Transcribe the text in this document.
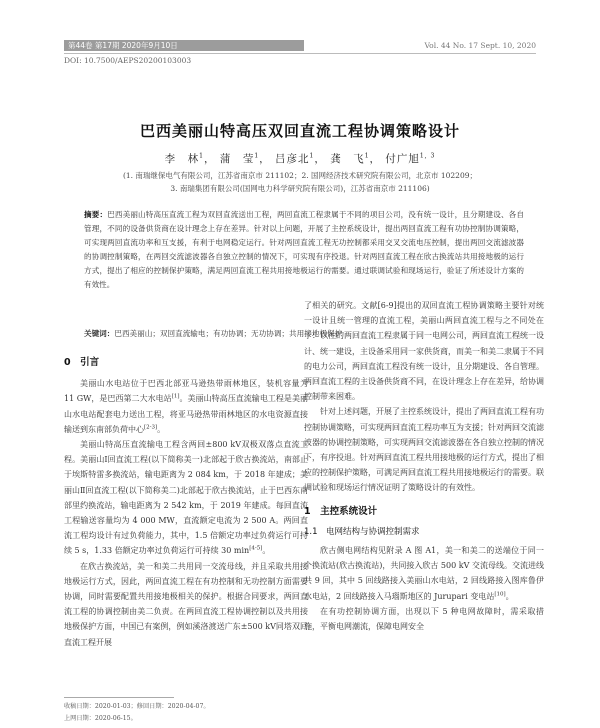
第44卷 第17期 2020年9月10日	Vol. 44 No. 17 Sept. 10, 2020
DOI: 10.7500/AEPS20200103003
巴西美丽山特高压双回直流工程协调策略设计
李　林$^1$， 蒲　莹$^1$， 吕彦北$^1$， 龚　飞$^1$， 付广旭$^{1, 3}$
(1. 南瑞继保电气有限公司，江苏省南京市 211102；2. 国网经济技术研究院有限公司，北京市 102209；
3. 南瑞集团有限公司(国网电力科学研究院有限公司)，江苏省南京市 211106)
摘要：巴西美丽山特高压直流工程为双回直流送出工程，两回直流工程隶属于不同的项目公司，没有统一设计，且分期建设、各自管理，不同的设备供货商在设计理念上存在差异。针对以上问题，开展了主控系统设计，提出两回直流工程有功协控制协调策略，可实现两回直流功率和互支援，有利于电网稳定运行。针对两回直流工程无功控制都采用交叉交流电压控制，提出两回交流滤波器的协调控制策略，在两回交流滤波器各自独立控制的情况下，可实现有序投退。针对两回直流工程在欣古换流站共用接地极的运行方式，提出了相应的控制保护策略，满足两回直流工程共用接地极运行的需要。通过联调试验和现场运行，验证了所述设计方案的有效性。
关键词：巴西美丽山；双回直流输电；有功协调；无功协调；共用接地极保护

0　引言

美丽山水电站位于巴西北部亚马逊热带雨林地区，装机容量为 11 GW，是巴西第二大水电站[1]。美丽山特高压直流输电工程是美丽山水电站配套电力送出工程，将亚马逊热带雨林地区的水电资源直接输送到东南部负荷中心[2-3]。

美丽山特高压直流输电工程含两回±800 kV双极双落点直流工程。美丽山Ⅰ回直流工程(以下简称美一)北部起于欣古换流站，南部止于埃斯特雷多换流站，输电距离为 2 084 km，于 2018 年建成；美丽山Ⅱ回直流工程(以下简称美二)北部起于欣古换流站，止于巴西东南部里约换流站，输电距离为 2 542 km，于 2019 年建成。每回直流工程输送容量均为 4 000 MW，直流额定电流为 2 500 A。两回直流工程均设计有过负荷能力，其中，1.5 倍额定功率过负荷运行可持续 5 s，1.33 倍额定功率过负荷运行可持续 30 min[4-5]。

在欣古换流站，美一和美二共用同一交流母线，并且采取共用接地极运行方式，因此，两回直流工程在有功控制和无功控制方面需要协调，同时需要配置共用接地极相关的保护。根据合同要求，两回直流工程的协调控制由美二负责。在两回直流工程协调控制以及共用接地极保护方面，中国已有案例，例如溪洛渡送广东±500 kV同塔双回直流工程开展

了相关的研究。文献[6-9]提出的双回直流工程协调策略主要针对统一设计且统一管理的直流工程，美丽山两回直流工程与之不同处在于：以往的两回直流工程隶属于同一电网公司，两回直流工程统一设计、统一建设，主设备采用同一家供货商，而美一和美二隶属于不同的电力公司，两回直流工程没有统一设计，且分期建设、各自管理。两回直流工程的主设备供货商不同，在设计理念上存在差异，给协调控制带来困难。

针对上述问题，开展了主控系统设计，提出了两回直流工程有功控制协调策略，可实现两回直流工程功率互为支援；针对两回交流滤波器的协调控制策略，可实现两回交流滤波器在各自独立控制的情况下，有序投退。针对两回直流工程共用接地极的运行方式，提出了相应的控制保护策略，可满足两回直流工程共用接地极运行的需要。联调试验和现场运行情况证明了策略设计的有效性。

1　主控系统设计

1.1　电网结构与协调控制需求

欣古侧电网结构见附录 A 图 A1，美一和美二的送端位于同一个换流站(欣古换流站)，共同接入欣古 500 kV 交流母线。交流进线共 9 回，其中 5 回线路接入美丽山水电站，2 回线路接入图库鲁伊水电站，2 回线路接入马瑙斯地区的 Jurupari 变电站[10]。

在有功控制协调方面，出现以下 5 种电网故障时，需采取措施，平衡电网潮流，保障电网安全

收稿日期：2020-01-03；修回日期：2020-04-07。
上网日期：2020-06-15。
